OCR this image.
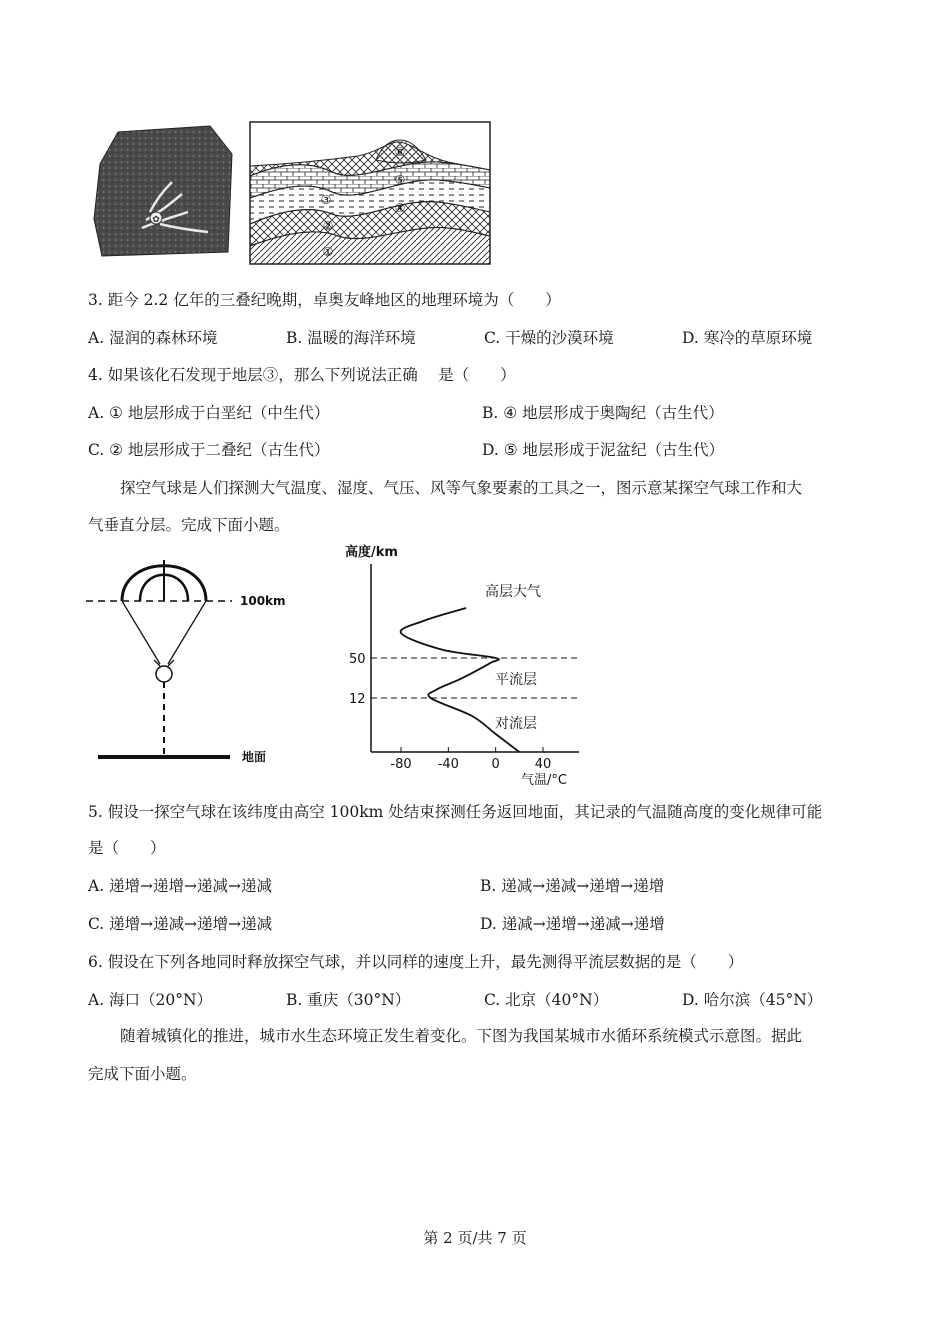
✿
①
②
③
④
⑤
⑥
3. 距今 2.2 亿年的三叠纪晚期，卓奥友峰地区的地理环境为（　　）
A. 湿润的森林环境	B. 温暖的海洋环境	C. 干燥的沙漠环境	D. 寒冷的草原环境
4. 如果该化石发现于地层③，那么下列说法正确　 是（　　）
A. ① 地层形成于白垩纪（中生代）	B. ④ 地层形成于奥陶纪（古生代）
C. ② 地层形成于二叠纪（古生代）	D. ⑤ 地层形成于泥盆纪（古生代）
探空气球是人们探测大气温度、湿度、气压、风等气象要素的工具之一，图示意某探空气球工作和大
气垂直分层。完成下面小题。
100km
地面
高度/km
-80 -40	0	40
50
12
高层大气
平流层
对流层
气温/°C
5. 假设一探空气球在该纬度由高空 100km 处结束探测任务返回地面，其记录的气温随高度的变化规律可能
是（　　）
A. 递增→递增→递减→递减	B. 递减→递减→递增→递增
C. 递增→递减→递增→递减	D. 递减→递增→递减→递增
6. 假设在下列各地同时释放探空气球，并以同样的速度上升，最先测得平流层数据的是（　　）
A. 海口（20°N）	B. 重庆（30°N）	C. 北京（40°N）	D. 哈尔滨（45°N）
随着城镇化的推进，城市水生态环境正发生着变化。下图为我国某城市水循环系统模式示意图。据此
完成下面小题。
第 2 页/共 7 页
